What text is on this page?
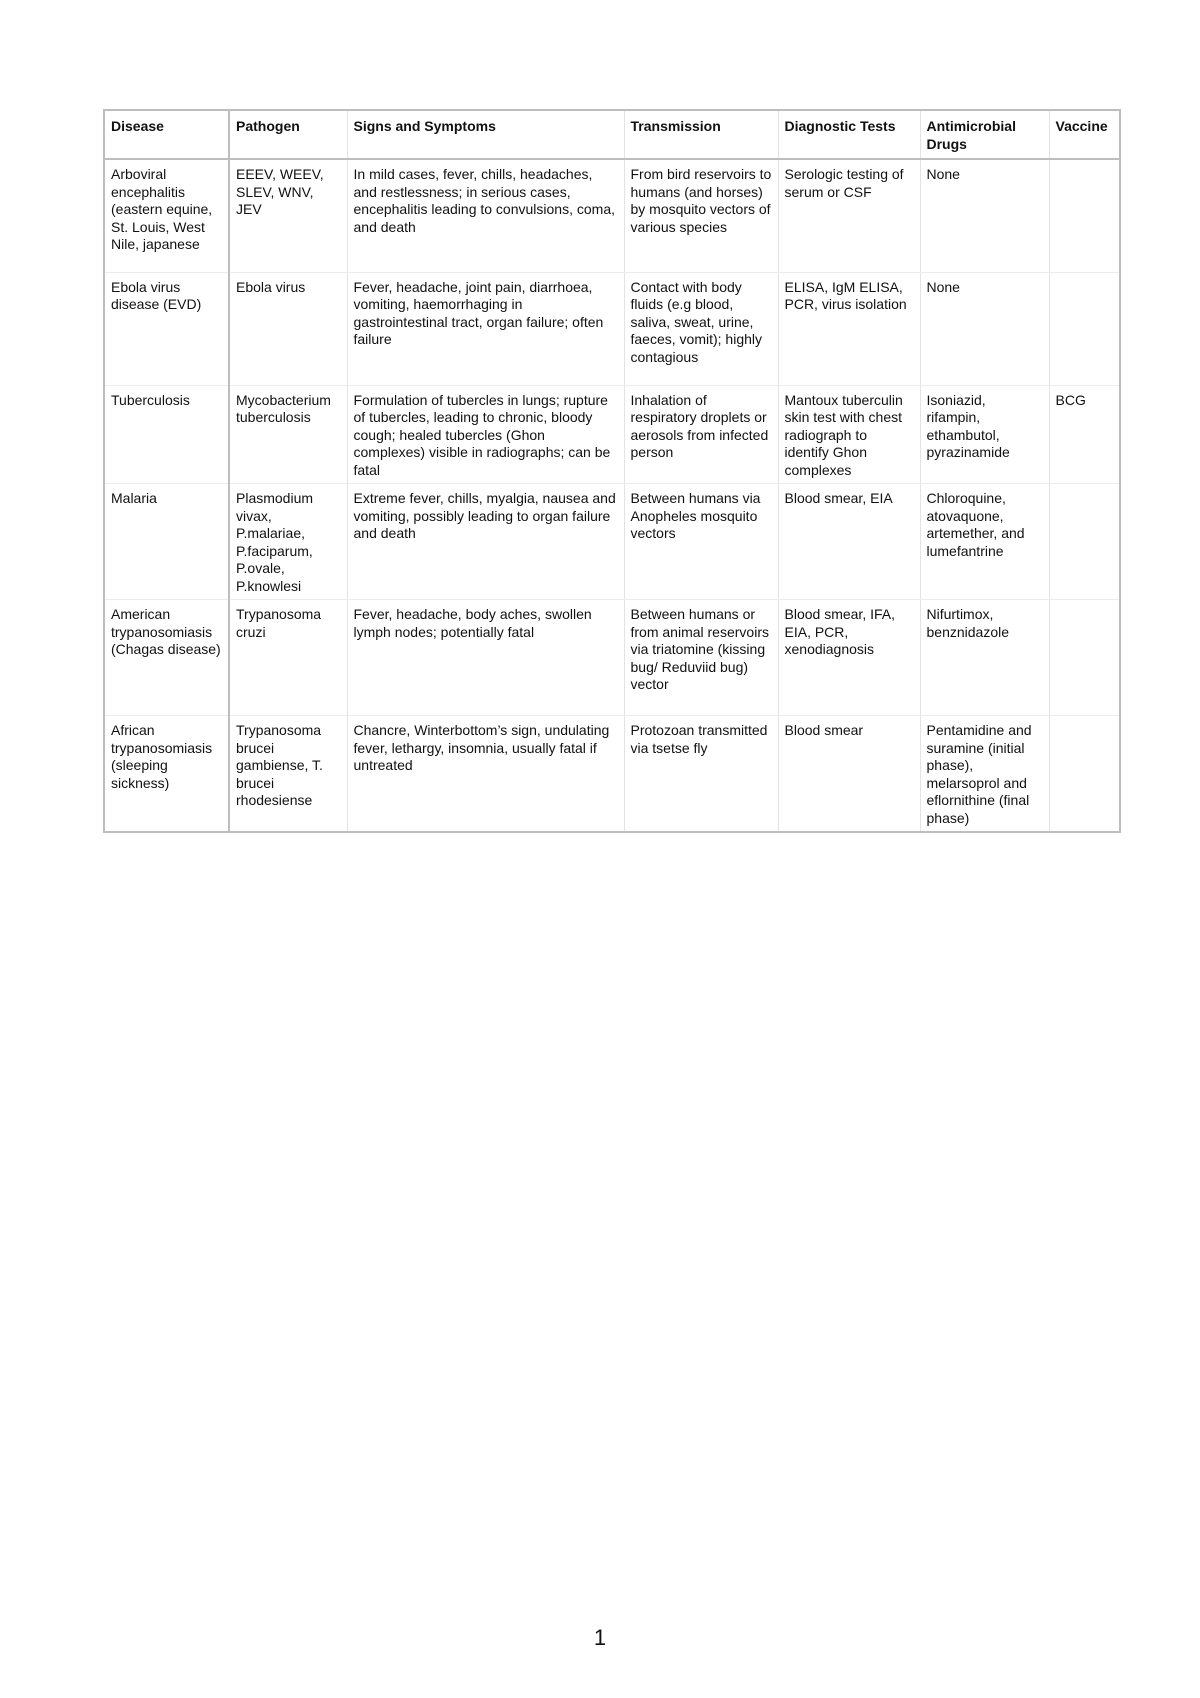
Disease	Pathogen	Signs and Symptoms	Transmission	Diagnostic Tests	Antimicrobial Drugs	Vaccine
Arboviral encephalitis (eastern equine, St. Louis, West Nile, japanese	EEEV, WEEV, SLEV, WNV, JEV	In mild cases, fever, chills, headaches, and restlessness; in serious cases, encephalitis leading to convulsions, coma, and death	From bird reservoirs to humans (and horses) by mosquito vectors of various species	Serologic testing of serum or CSF	None	
Ebola virus disease (EVD)	Ebola virus	Fever, headache, joint pain, diarrhoea, vomiting, haemorrhaging in gastrointestinal tract, organ failure; often failure	Contact with body fluids (e.g blood, saliva, sweat, urine, faeces, vomit); highly contagious	ELISA, IgM ELISA, PCR, virus isolation	None	
Tuberculosis	Mycobacterium tuberculosis	Formulation of tubercles in lungs; rupture of tubercles, leading to chronic, bloody cough; healed tubercles (Ghon complexes) visible in radiographs; can be fatal	Inhalation of respiratory droplets or aerosols from infected person	Mantoux tuberculin skin test with chest radiograph to identify Ghon complexes	Isoniazid, rifampin, ethambutol, pyrazinamide	BCG
Malaria	Plasmodium vivax, P.malariae, P.faciparum, P.ovale, P.knowlesi	Extreme fever, chills, myalgia, nausea and vomiting, possibly leading to organ failure and death	Between humans via Anopheles mosquito vectors	Blood smear, EIA	Chloroquine, atovaquone, artemether, and lumefantrine	
American trypanosomiasis (Chagas disease)	Trypanosoma cruzi	Fever, headache, body aches, swollen lymph nodes; potentially fatal	Between humans or from animal reservoirs via triatomine (kissing bug/ Reduviid bug) vector	Blood smear, IFA, EIA, PCR, xenodiagnosis	Nifurtimox, benznidazole	
African trypanosomiasis (sleeping sickness)	Trypanosoma brucei gambiense, T. brucei rhodesiense	Chancre, Winterbottom’s sign, undulating fever, lethargy, insomnia, usually fatal if untreated	Protozoan transmitted via tsetse fly	Blood smear	Pentamidine and suramine (initial phase), melarsoprol and eflornithine (final phase)	
1
